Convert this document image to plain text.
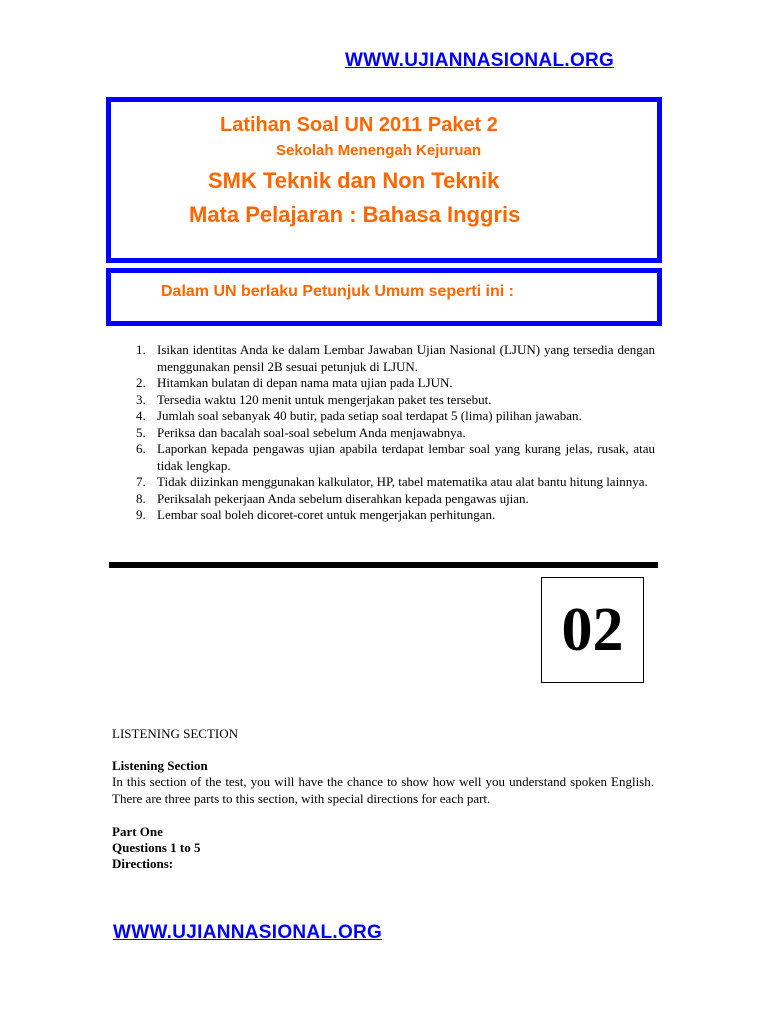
WWW.UJIANNASIONAL.ORG
Latihan Soal UN 2011 Paket 2
Sekolah Menengah Kejuruan
SMK Teknik dan Non Teknik
Mata Pelajaran : Bahasa Inggris
Dalam UN berlaku Petunjuk Umum seperti ini :
1. Isikan identitas Anda ke dalam Lembar Jawaban Ujian Nasional (LJUN) yang tersedia dengan menggunakan pensil 2B sesuai petunjuk di LJUN.
2. Hitamkan bulatan di depan nama mata ujian pada LJUN.
3. Tersedia waktu 120 menit untuk mengerjakan paket tes tersebut.
4. Jumlah soal sebanyak 40 butir, pada setiap soal terdapat 5 (lima) pilihan jawaban.
5. Periksa dan bacalah soal-soal sebelum Anda menjawabnya.
6. Laporkan kepada pengawas ujian apabila terdapat lembar soal yang kurang jelas, rusak, atau tidak lengkap.
7. Tidak diizinkan menggunakan kalkulator, HP, tabel matematika atau alat bantu hitung lainnya.
8. Periksalah pekerjaan Anda sebelum diserahkan kepada pengawas ujian.
9. Lembar soal boleh dicoret-coret untuk mengerjakan perhitungan.
02
LISTENING SECTION
Listening Section
In this section of the test, you will have the chance to show how well you understand spoken English. There are three parts to this section, with special directions for each part.
Part One
Questions 1 to 5
Directions:
WWW.UJIANNASIONAL.ORG
